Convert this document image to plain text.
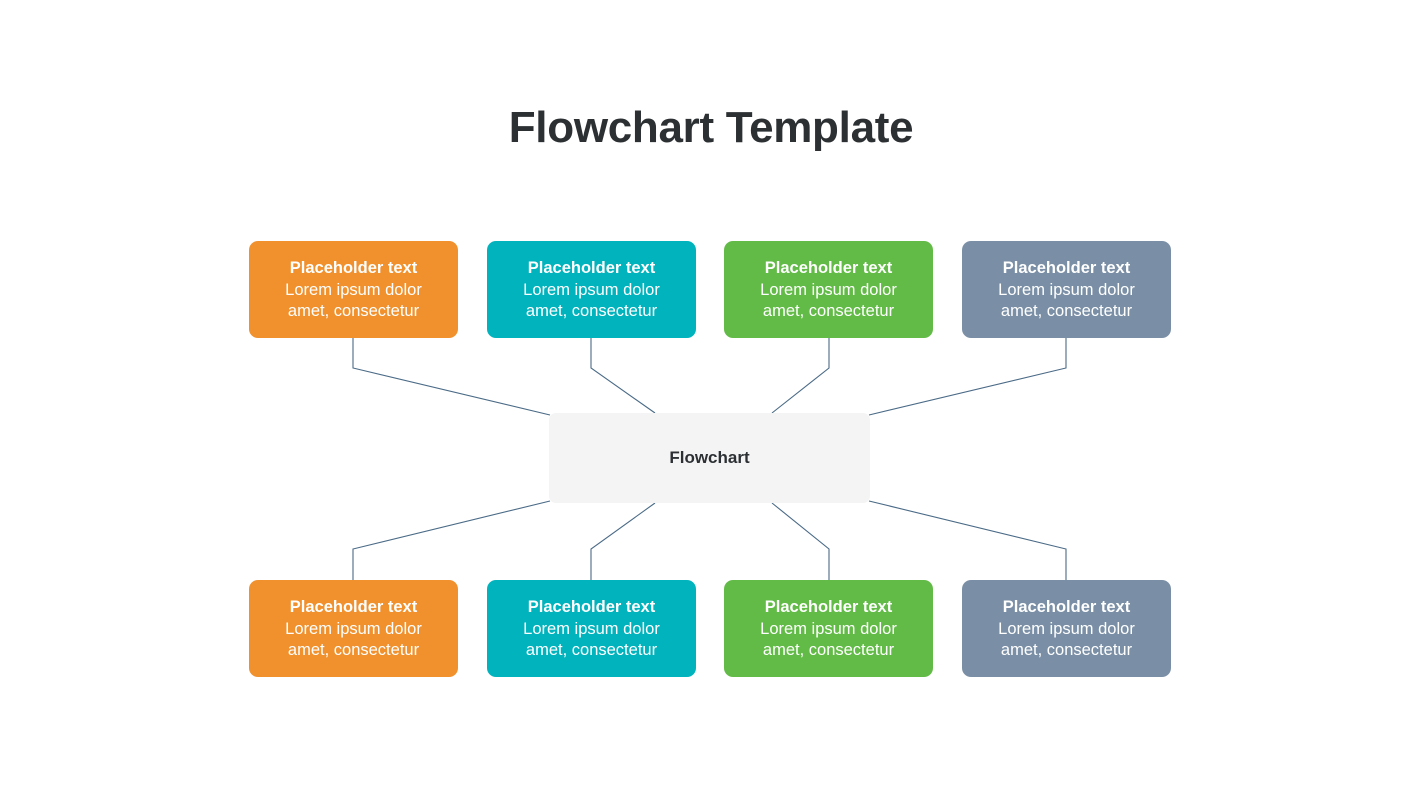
Flowchart Template
Placeholder text
Lorem ipsum dolor amet, consectetur
Placeholder text
Lorem ipsum dolor amet, consectetur
Placeholder text
Lorem ipsum dolor amet, consectetur
Placeholder text
Lorem ipsum dolor amet, consectetur
Flowchart
Placeholder text
Lorem ipsum dolor amet, consectetur
Placeholder text
Lorem ipsum dolor amet, consectetur
Placeholder text
Lorem ipsum dolor amet, consectetur
Placeholder text
Lorem ipsum dolor amet, consectetur
